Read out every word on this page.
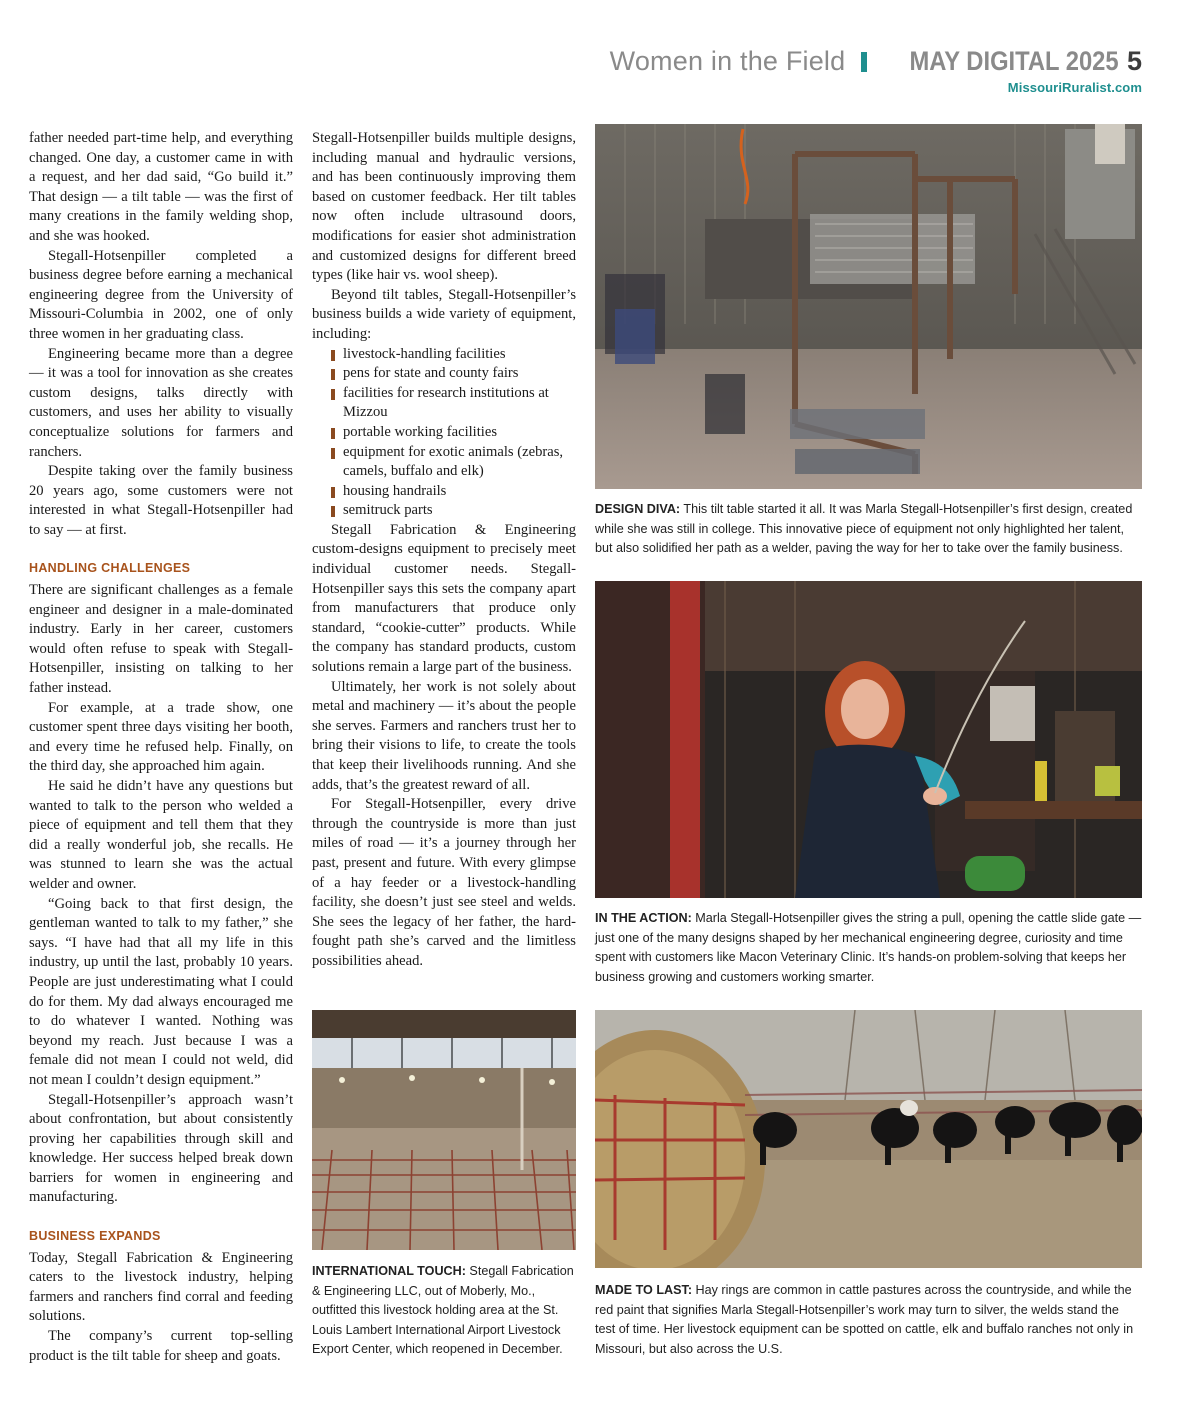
Women in the Field MAY DIGITAL 2025 5
MissouriRuralist.com

father needed part-time help, and everything changed. One day, a customer came in with a request, and her dad said, “Go build it.” That design — a tilt table — was the first of many creations in the family welding shop, and she was hooked.

Stegall-Hotsenpiller completed a business degree before earning a mechanical engineering degree from the University of Missouri-Columbia in 2002, one of only three women in her graduating class.

Engineering became more than a degree — it was a tool for innovation as she creates custom designs, talks directly with customers, and uses her ability to visually conceptualize solutions for farmers and ranchers.

Despite taking over the family business 20 years ago, some customers were not interested in what Stegall-Hotsenpiller had to say — at first.

HANDLING CHALLENGES

There are significant challenges as a female engineer and designer in a male-dominated industry. Early in her career, customers would often refuse to speak with Stegall-Hotsenpiller, insisting on talking to her father instead.

For example, at a trade show, one customer spent three days visiting her booth, and every time he refused help. Finally, on the third day, she approached him again.

He said he didn’t have any questions but wanted to talk to the person who welded a piece of equipment and tell them that they did a really wonderful job, she recalls. He was stunned to learn she was the actual welder and owner.

“Going back to that first design, the gentleman wanted to talk to my father,” she says. “I have had that all my life in this industry, up until the last, probably 10 years. People are just underestimating what I could do for them. My dad always encouraged me to do whatever I wanted. Nothing was beyond my reach. Just because I was a female did not mean I could not weld, did not mean I couldn’t design equipment.”

Stegall-Hotsenpiller’s approach wasn’t about confrontation, but about consistently proving her capabilities through skill and knowledge. Her success helped break down barriers for women in engineering and manufacturing.

BUSINESS EXPANDS

Today, Stegall Fabrication & Engineering caters to the livestock industry, helping farmers and ranchers find corral and feeding solutions.

The company’s current top-selling product is the tilt table for sheep and goats.

Stegall-Hotsenpiller builds multiple designs, including manual and hydraulic versions, and has been continuously improving them based on customer feedback. Her tilt tables now often include ultrasound doors, modifications for easier shot administration and customized designs for different breed types (like hair vs. wool sheep).

Beyond tilt tables, Stegall-Hotsenpiller’s business builds a wide variety of equipment, including:

livestock-handling facilities
pens for state and county fairs
facilities for research institutions at Mizzou
portable working facilities
equipment for exotic animals (zebras, camels, buffalo and elk)
housing handrails
semitruck parts

Stegall Fabrication & Engineering custom-designs equipment to precisely meet individual customer needs. Stegall-Hotsenpiller says this sets the company apart from manufacturers that produce only standard, “cookie-cutter” products. While the company has standard products, custom solutions remain a large part of the business.

Ultimately, her work is not solely about metal and machinery — it’s about the people she serves. Farmers and ranchers trust her to bring their visions to life, to create the tools that keep their livelihoods running. And she adds, that’s the greatest reward of all.

For Stegall-Hotsenpiller, every drive through the countryside is more than just miles of road — it’s a journey through her past, present and future. With every glimpse of a hay feeder or a livestock-handling facility, she doesn’t just see steel and welds. She sees the legacy of her father, the hard-fought path she’s carved and the limitless possibilities ahead.

DESIGN DIVA: This tilt table started it all. It was Marla Stegall-Hotsenpiller’s first design, created while she was still in college. This innovative piece of equipment not only highlighted her talent, but also solidified her path as a welder, paving the way for her to take over the family business.
IN THE ACTION: Marla Stegall-Hotsenpiller gives the string a pull, opening the cattle slide gate — just one of the many designs shaped by her mechanical engineering degree, curiosity and time spent with customers like Macon Veterinary Clinic. It’s hands-on problem-solving that keeps her business growing and customers working smarter.
INTERNATIONAL TOUCH: Stegall Fabrication & Engineering LLC, out of Moberly, Mo., outfitted this livestock holding area at the St. Louis Lambert International Airport Livestock Export Center, which reopened in December.
MADE TO LAST: Hay rings are common in cattle pastures across the countryside, and while the red paint that signifies Marla Stegall-Hotsenpiller’s work may turn to silver, the welds stand the test of time. Her livestock equipment can be spotted on cattle, elk and buffalo ranches not only in Missouri, but also across the U.S.
